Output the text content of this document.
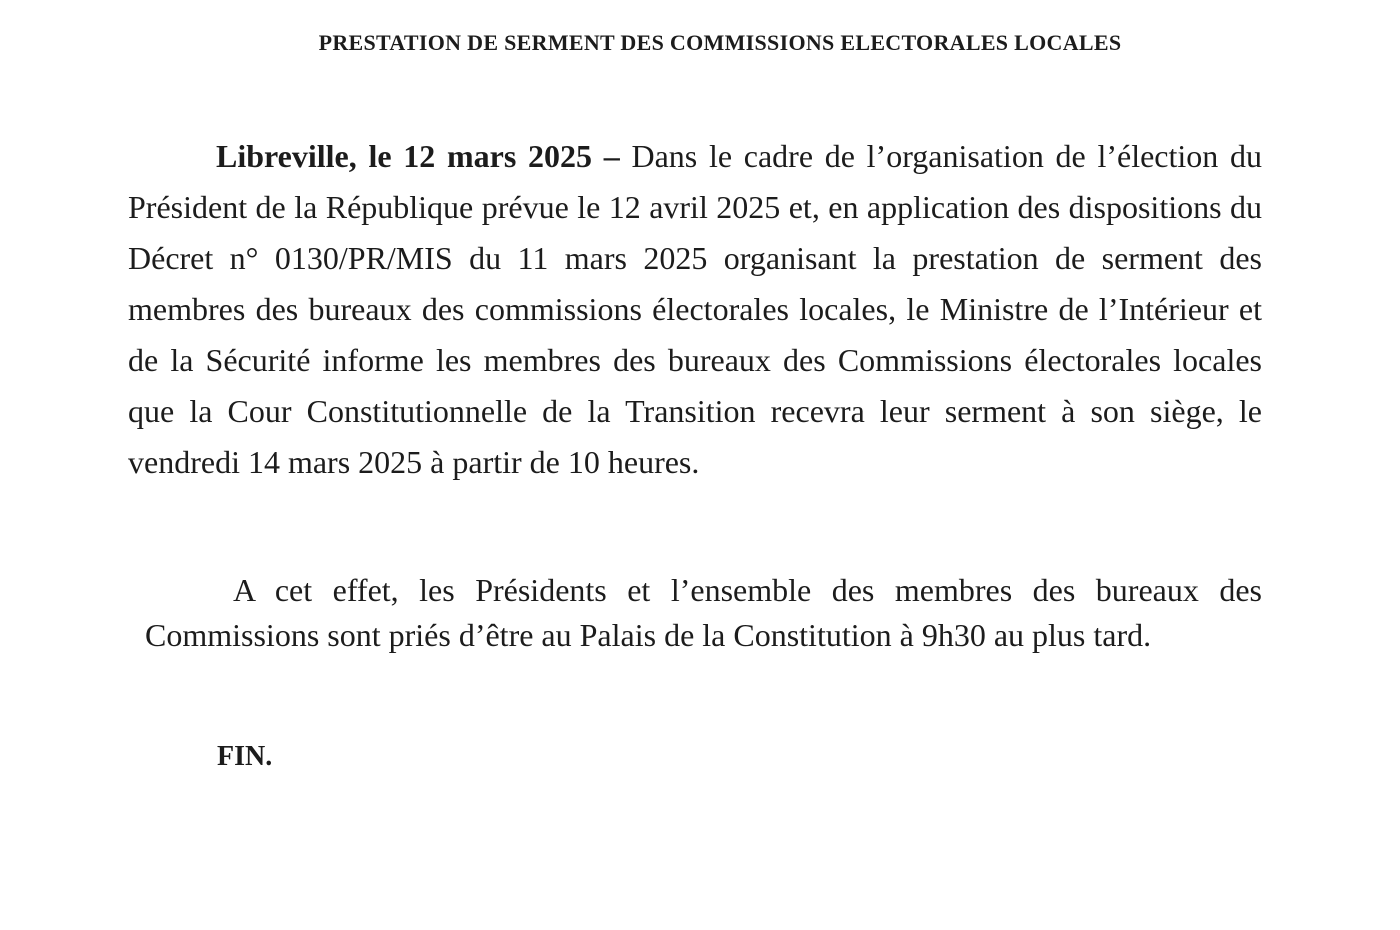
PRESTATION DE SERMENT DES COMMISSIONS ELECTORALES LOCALES

Libreville, le 12 mars 2025 – Dans le cadre de l’organisation de l’élection du Président de la République prévue le 12 avril 2025 et, en application des dispositions du Décret n° 0130/PR/MIS du 11 mars 2025 organisant la prestation de serment des membres des bureaux des commissions électorales locales, le Ministre de l’Intérieur et de la Sécurité informe les membres des bureaux des Commissions électorales locales que la Cour Constitutionnelle de la Transition recevra leur serment à son siège, le vendredi 14 mars 2025 à partir de 10 heures.

A cet effet, les Présidents et l’ensemble des membres des bureaux des Commissions sont priés d’être au Palais de la Constitution à 9h30 au plus tard.

FIN.
